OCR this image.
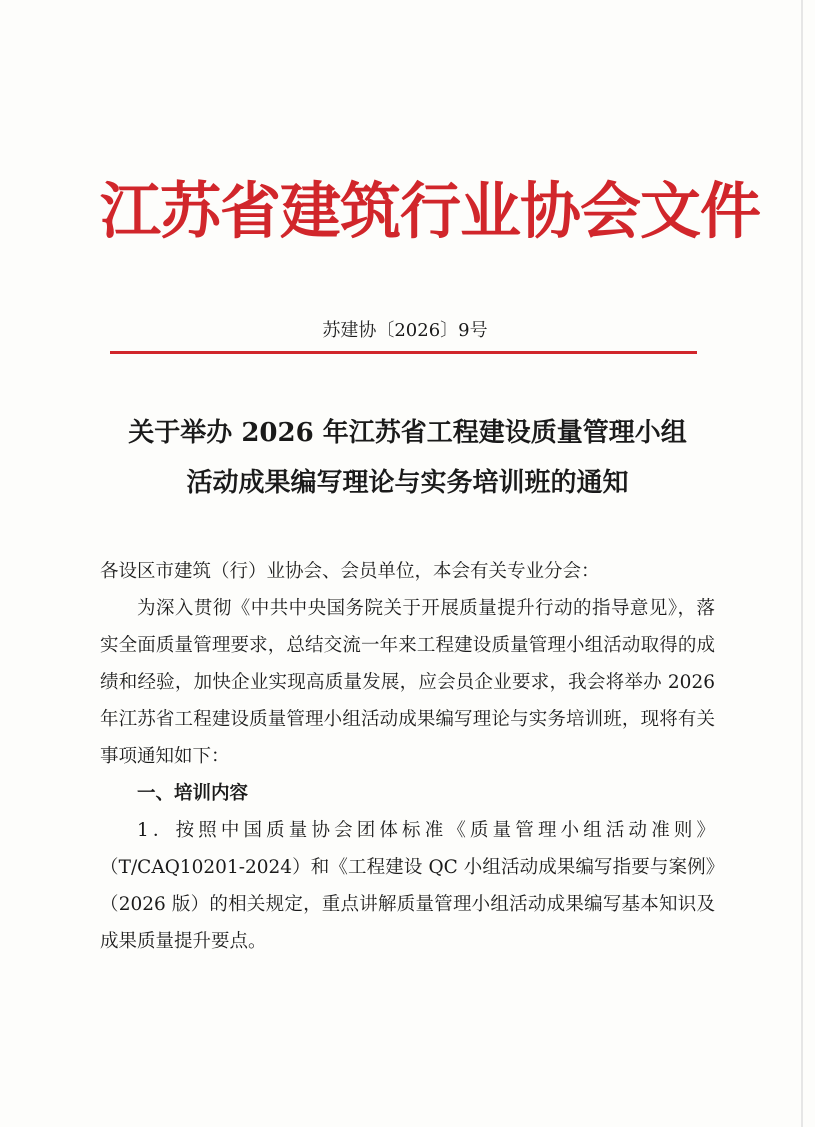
江苏省建筑行业协会文件
苏建协〔2026〕9号
关于举办 2026 年江苏省工程建设质量管理小组
活动成果编写理论与实务培训班的通知

各设区市建筑（行）业协会、会员单位，本会有关专业分会：

为深入贯彻《中共中央国务院关于开展质量提升行动的指导意见》，落实全面质量管理要求，总结交流一年来工程建设质量管理小组活动取得的成绩和经验，加快企业实现高质量发展，应会员企业要求，我会将举办 2026 年江苏省工程建设质量管理小组活动成果编写理论与实务培训班，现将有关事项通知如下：

一、培训内容

1．按照中国质量协会团体标准《质量管理小组活动准则》（T/CAQ10201-2024）和《工程建设 QC 小组活动成果编写指要与案例》（2026 版）的相关规定，重点讲解质量管理小组活动成果编写基本知识及成果质量提升要点。
